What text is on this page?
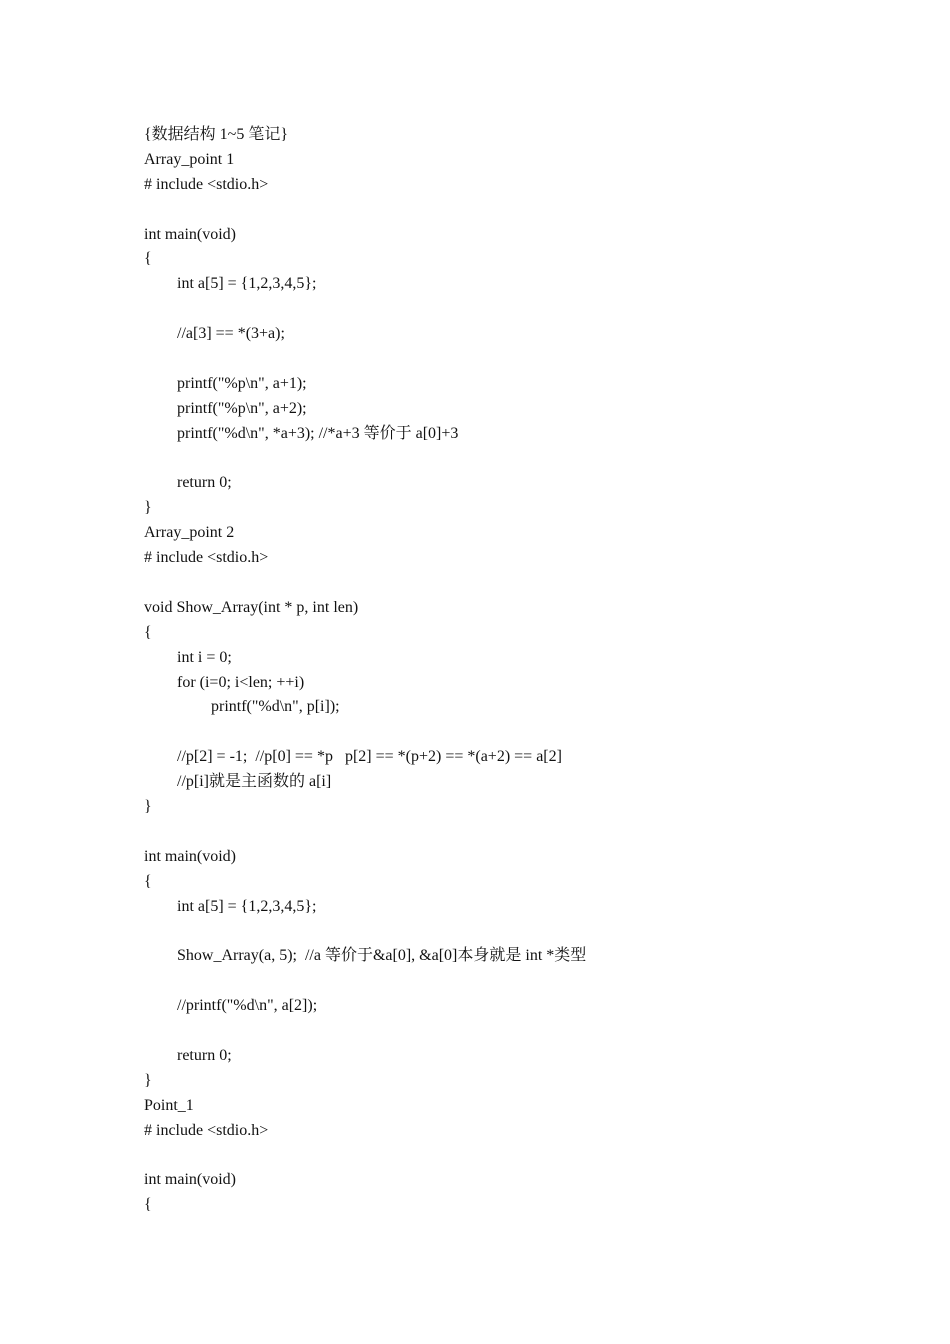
{数据结构 1~5 笔记}
Array_point 1
# include <stdio.h>
int main(void)
{
int a[5] = {1,2,3,4,5};
//a[3] == *(3+a);
printf("%p\n", a+1);
printf("%p\n", a+2);
printf("%d\n", *a+3); //*a+3 等价于 a[0]+3
return 0;
}
Array_point 2
# include <stdio.h>
void Show_Array(int * p, int len)
{
int i = 0;
for (i=0; i<len; ++i)
printf("%d\n", p[i]);
//p[2] = -1;  //p[0] == *p   p[2] == *(p+2) == *(a+2) == a[2]
//p[i]就是主函数的 a[i]
}
int main(void)
{
int a[5] = {1,2,3,4,5};
Show_Array(a, 5);  //a 等价于&a[0], &a[0]本身就是 int *类型
//printf("%d\n", a[2]);
return 0;
}
Point_1
# include <stdio.h>
int main(void)
{
